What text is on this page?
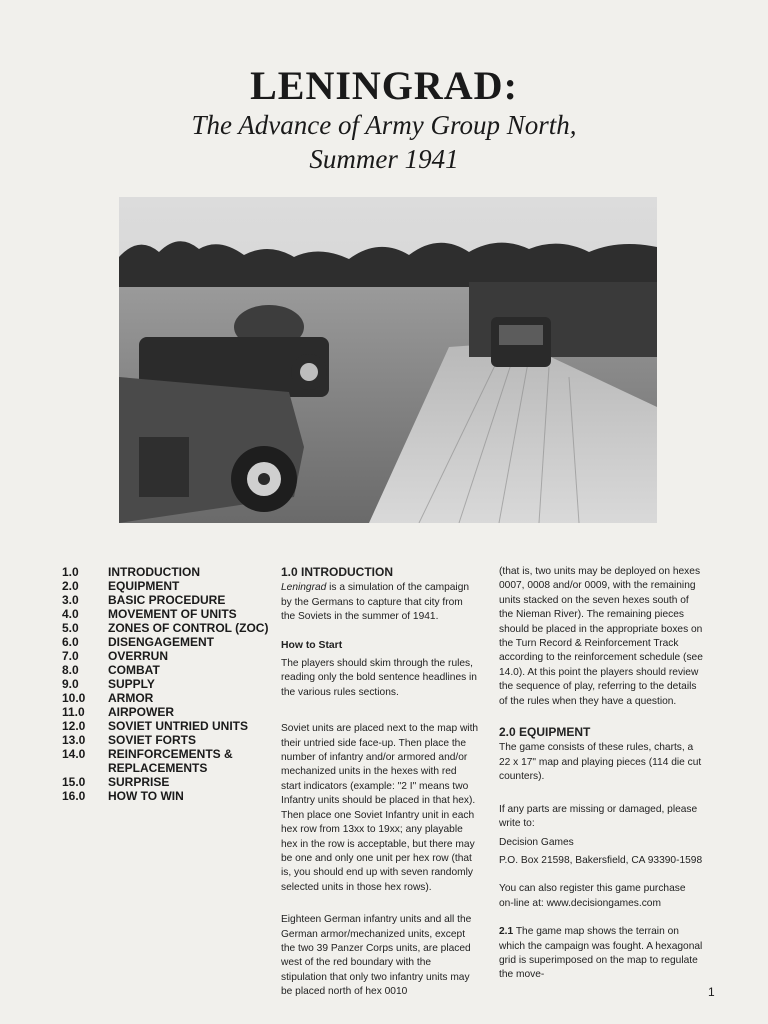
LENINGRAD:
The Advance of Army Group North,
Summer 1941
1.0	INTRODUCTION
2.0	EQUIPMENT
3.0	BASIC PROCEDURE
4.0	MOVEMENT OF UNITS
5.0	ZONES OF CONTROL (ZOC)
6.0	DISENGAGEMENT
7.0	OVERRUN
8.0	COMBAT
9.0	SUPPLY
10.0	ARMOR
11.0	AIRPOWER
12.0	SOVIET UNTRIED UNITS
13.0	SOVIET FORTS
14.0	REINFORCEMENTS & REPLACEMENTS
15.0	SURPRISE
16.0	HOW TO WIN
1.0 INTRODUCTION

Leningrad is a simulation of the campaign by the Germans to capture that city from the Soviets in the summer of 1941.

How to Start

The players should skim through the rules, reading only the bold sentence headlines in the various rules sections.

Soviet units are placed next to the map with their untried side face-up. Then place the number of infantry and/or armored and/or mechanized units in the hexes with red start indicators (example: "2 I" means two Infantry units should be placed in that hex). Then place one Soviet Infantry unit in each hex row from 13xx to 19xx; any playable hex in the row is acceptable, but there may be one and only one unit per hex row (that is, you should end up with seven randomly selected units in those hex rows).

Eighteen German infantry units and all the German armor/mechanized units, except the two 39 Panzer Corps units, are placed west of the red boundary with the stipulation that only two infantry units may be placed north of hex 0010

(that is, two units may be deployed on hexes 0007, 0008 and/or 0009, with the remaining units stacked on the seven hexes south of the Nieman River). The remaining pieces should be placed in the appropriate boxes on the Turn Record & Reinforcement Track according to the reinforcement schedule (see 14.0). At this point the players should review the sequence of play, referring to the details of the rules when they have a question.

2.0 EQUIPMENT

The game consists of these rules, charts, a 22 x 17" map and playing pieces (114 die cut counters).

If any parts are missing or damaged, please write to:

Decision Games

P.O. Box 21598, Bakersfield, CA 93390-1598

You can also register this game purchase on-line at: www.decisiongames.com

2.1 The game map shows the terrain on which the campaign was fought. A hexagonal grid is superimposed on the map to regulate the move-

1
